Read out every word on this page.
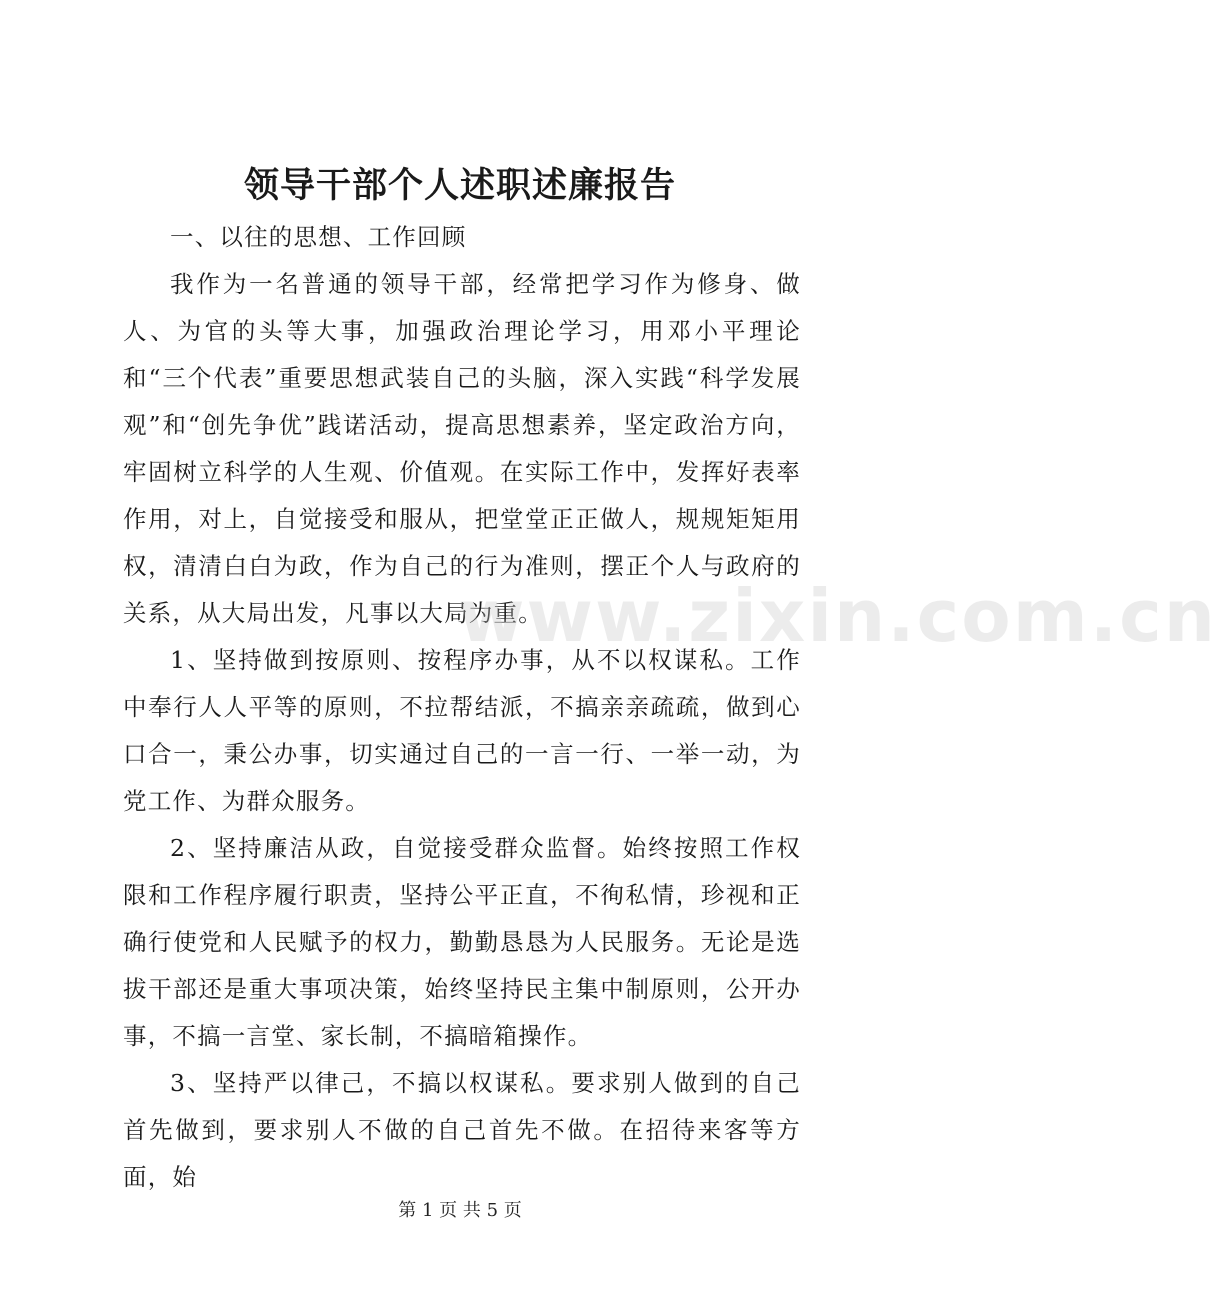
领导干部个人述职述廉报告

一、以往的思想、工作回顾

我作为一名普通的领导干部，经常把学习作为修身、做人、为官的头等大事，加强政治理论学习，用邓小平理论和“三个代表”重要思想武装自己的头脑，深入实践“科学发展观”和“创先争优”践诺活动，提高思想素养，坚定政治方向，牢固树立科学的人生观、价值观。在实际工作中，发挥好表率作用，对上，自觉接受和服从，把堂堂正正做人，规规矩矩用权，清清白白为政，作为自己的行为准则，摆正个人与政府的关系，从大局出发，凡事以大局为重。

1、坚持做到按原则、按程序办事，从不以权谋私。工作中奉行人人平等的原则，不拉帮结派，不搞亲亲疏疏，做到心口合一，秉公办事，切实通过自己的一言一行、一举一动，为党工作、为群众服务。

2、坚持廉洁从政，自觉接受群众监督。始终按照工作权限和工作程序履行职责，坚持公平正直，不徇私情，珍视和正确行使党和人民赋予的权力，勤勤恳恳为人民服务。无论是选拔干部还是重大事项决策，始终坚持民主集中制原则，公开办事，不搞一言堂、家长制，不搞暗箱操作。

3、坚持严以律己，不搞以权谋私。要求别人做到的自己首先做到，要求别人不做的自己首先不做。在招待来客等方面，始

www.zixin.com.cn
第 1 页 共 5 页
